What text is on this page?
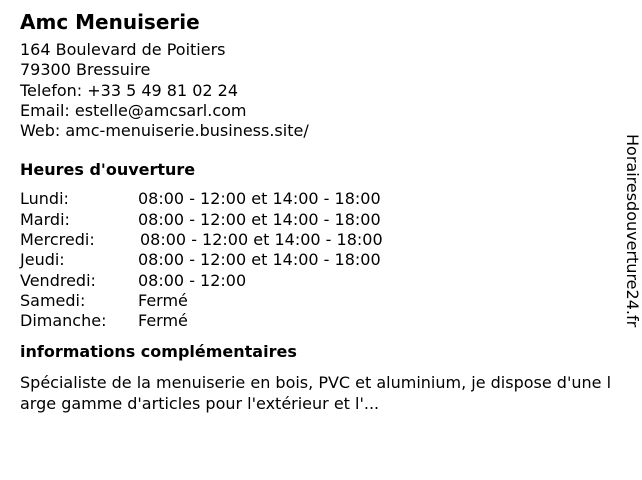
Amc Menuiserie
164 Boulevard de Poitiers
79300 Bressuire
Telefon: +33 5 49 81 02 24
Email: estelle@amcsarl.com
Web: amc-menuiserie.business.site/
Heures d'ouverture
Lundi:	08:00 - 12:00 et 14:00 - 18:00
Mardi:	08:00 - 12:00 et 14:00 - 18:00
Mercredi:	08:00 - 12:00 et 14:00 - 18:00
Jeudi:	08:00 - 12:00 et 14:00 - 18:00
Vendredi:	08:00 - 12:00
Samedi:	Fermé
Dimanche:	Fermé
informations complémentaires
Spécialiste de la menuiserie en bois, PVC et aluminium, je dispose d'une large gamme d'articles pour l'extérieur et l'...
Horairesdouverture24.fr
